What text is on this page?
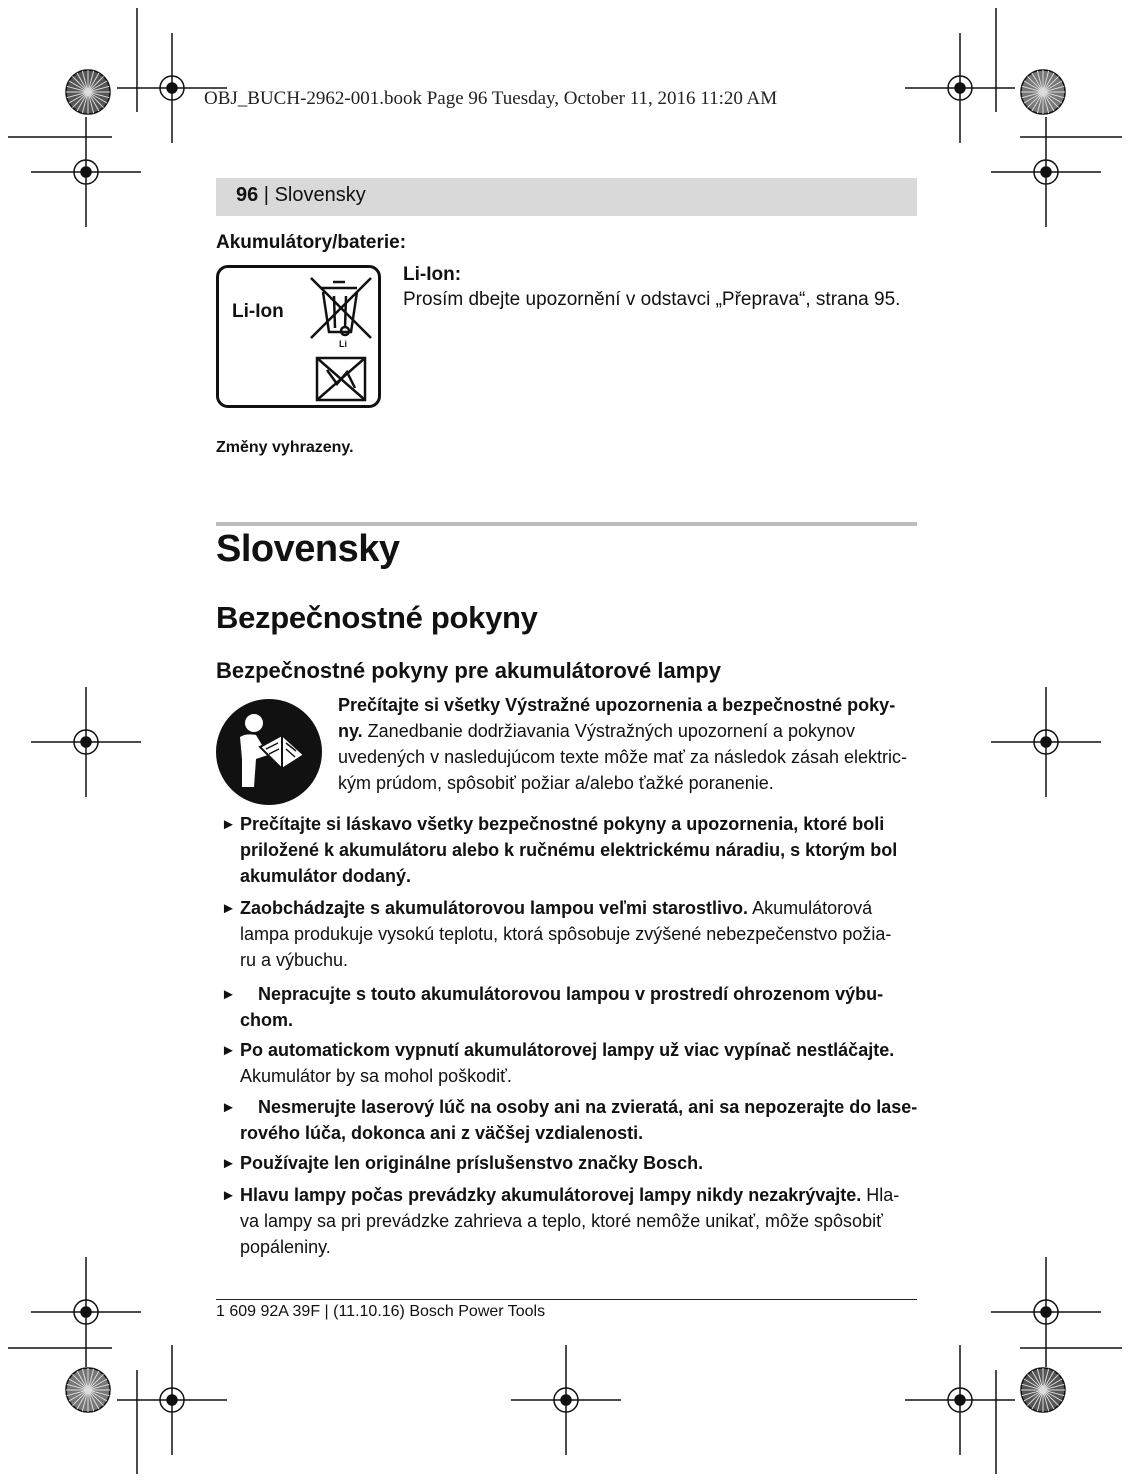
OBJ_BUCH-2962-001.book Page 96 Tuesday, October 11, 2016 11:20 AM
96 | Slovensky
Akumulátory/baterie:
Li-Ion
Li
Li-Ion:
Prosím dbejte upozornění v odstavci „Přeprava“, strana 95.
Změny vyhrazeny.
Slovensky
Bezpečnostné pokyny
Bezpečnostné pokyny pre akumulátorové lampy
Prečítajte si všetky Výstražné upozornenia a bezpečnostné poky-
ny. Zanedbanie dodržiavania Výstražných upozornení a pokynov
uvedených v nasledujúcom texte môže mať za následok zásah elektric-
kým prúdom, spôsobiť požiar a/alebo ťažké poranenie.
► Prečítajte si láskavo všetky bezpečnostné pokyny a upozornenia, ktoré boli
priložené k akumulátoru alebo k ručnému elektrickému náradiu, s ktorým bol
akumulátor dodaný.
► Zaobchádzajte s akumulátorovou lampou veľmi starostlivo. Akumulátorová
lampa produkuje vysokú teplotu, ktorá spôsobuje zvýšené nebezpečenstvo požia-
ru a výbuchu.
► Nepracujte s touto akumulátorovou lampou v prostredí ohrozenom výbu-
chom.
► Po automatickom vypnutí akumulátorovej lampy už viac vypínač nestláčajte.
Akumulátor by sa mohol poškodiť.
► Nesmerujte laserový lúč na osoby ani na zvieratá, ani sa nepozerajte do lase-
rového lúča, dokonca ani z väčšej vzdialenosti.
► Používajte len originálne príslušenstvo značky Bosch.
► Hlavu lampy počas prevádzky akumulátorovej lampy nikdy nezakrývajte. Hla-
va lampy sa pri prevádzke zahrieva a teplo, ktoré nemôže unikať, môže spôsobiť
popáleniny.
1 609 92A 39F | (11.10.16) Bosch Power Tools
